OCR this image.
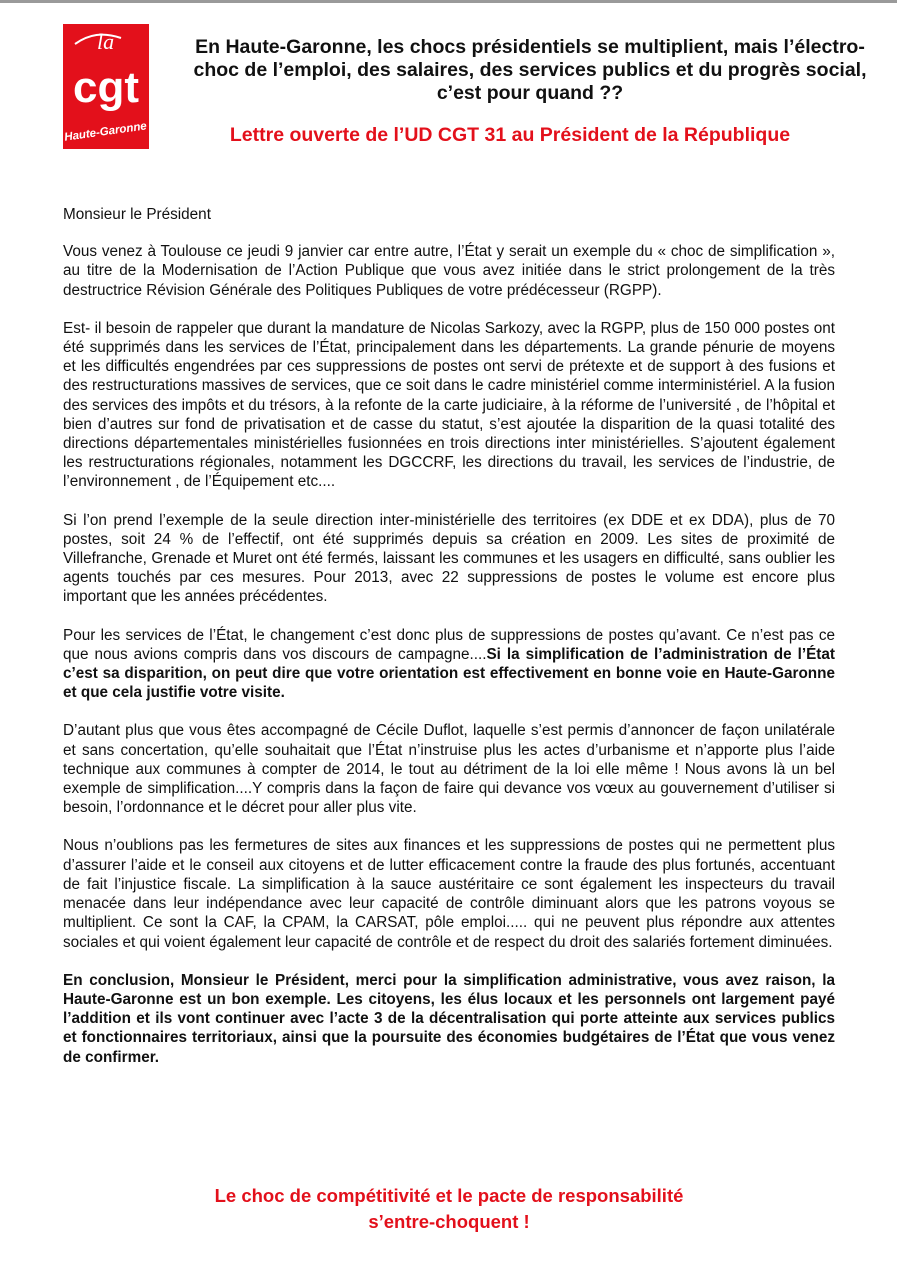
la
cgt
Haute-Garonne
En Haute-Garonne, les chocs présidentiels se multiplient, mais l’électro-choc de l’emploi, des salaires, des services publics et du progrès social, c’est pour quand ??
Lettre ouverte de l’UD CGT 31 au Président de la République

Monsieur le Président

Vous venez à Toulouse ce jeudi 9 janvier car entre autre, l’État y serait un exemple du « choc de simplification », au titre de la Modernisation de l’Action Publique que vous avez initiée dans le strict prolongement de la très destructrice Révision Générale des Politiques Publiques de votre prédécesseur (RGPP).

Est- il besoin de rappeler que durant la mandature de Nicolas Sarkozy, avec la RGPP, plus de 150 000 postes ont été supprimés dans les services de l’État, principalement dans les départements. La grande pénurie de moyens et les difficultés engendrées par ces suppressions de postes ont servi de prétexte et de support à des fusions et des restructurations massives de services, que ce soit dans le cadre ministériel comme interministériel. A la fusion des services des impôts et du trésors, à la refonte de la carte judiciaire, à la réforme de l’université , de l’hôpital et bien d’autres sur fond de privatisation et de casse du statut, s’est ajoutée la disparition de la quasi totalité des directions départementales ministérielles fusionnées en trois directions inter ministérielles. S’ajoutent également les restructurations régionales, notamment les DGCCRF, les directions du travail, les services de l’industrie, de l’environnement , de l’Équipement etc....

Si l’on prend l’exemple de la seule direction inter-ministérielle des territoires (ex DDE et ex DDA), plus de 70 postes, soit 24 % de l’effectif, ont été supprimés depuis sa création en 2009. Les sites de proximité de Villefranche, Grenade et Muret ont été fermés, laissant les communes et les usagers en difficulté, sans oublier les agents touchés par ces mesures. Pour 2013, avec 22 suppressions de postes le volume est encore plus important que les années précédentes.

Pour les services de l’État, le changement c’est donc plus de suppressions de postes qu’avant. Ce n’est pas ce que nous avions compris dans vos discours de campagne....Si la simplification de l’administration de l’État c’est sa disparition, on peut dire que votre orientation est effectivement en bonne voie en Haute-Garonne et que cela justifie votre visite.

D’autant plus que vous êtes accompagné de Cécile Duflot, laquelle s’est permis d’annoncer de façon unilatérale et sans concertation, qu’elle souhaitait que l’État n’instruise plus les actes d’urbanisme et n’apporte plus l’aide technique aux communes à compter de 2014, le tout au détriment de la loi elle même ! Nous avons là un bel exemple de simplification....Y compris dans la façon de faire qui devance vos vœux au gouvernement d’utiliser si besoin, l’ordonnance et le décret pour aller plus vite.

Nous n’oublions pas les fermetures de sites aux finances et les suppressions de postes qui ne permettent plus d’assurer l’aide et le conseil aux citoyens et de lutter efficacement contre la fraude des plus fortunés, accentuant de fait l’injustice fiscale. La simplification à la sauce austéritaire ce sont également les inspecteurs du travail menacée dans leur indépendance avec leur capacité de contrôle diminuant alors que les patrons voyous se multiplient. Ce sont la CAF, la CPAM, la CARSAT, pôle emploi..... qui ne peuvent plus répondre aux attentes sociales et qui voient également leur capacité de contrôle et de respect du droit des salariés fortement diminuées.

En conclusion, Monsieur le Président, merci pour la simplification administrative, vous avez raison, la Haute-Garonne est un bon exemple. Les citoyens, les élus locaux et les personnels ont largement payé l’addition et ils vont continuer avec l’acte 3 de la décentralisation qui porte atteinte aux services publics et fonctionnaires territoriaux, ainsi que la poursuite des économies budgétaires de l’État que vous venez de confirmer.

Le choc de compétitivité et le pacte de responsabilité
s’entre-choquent !
